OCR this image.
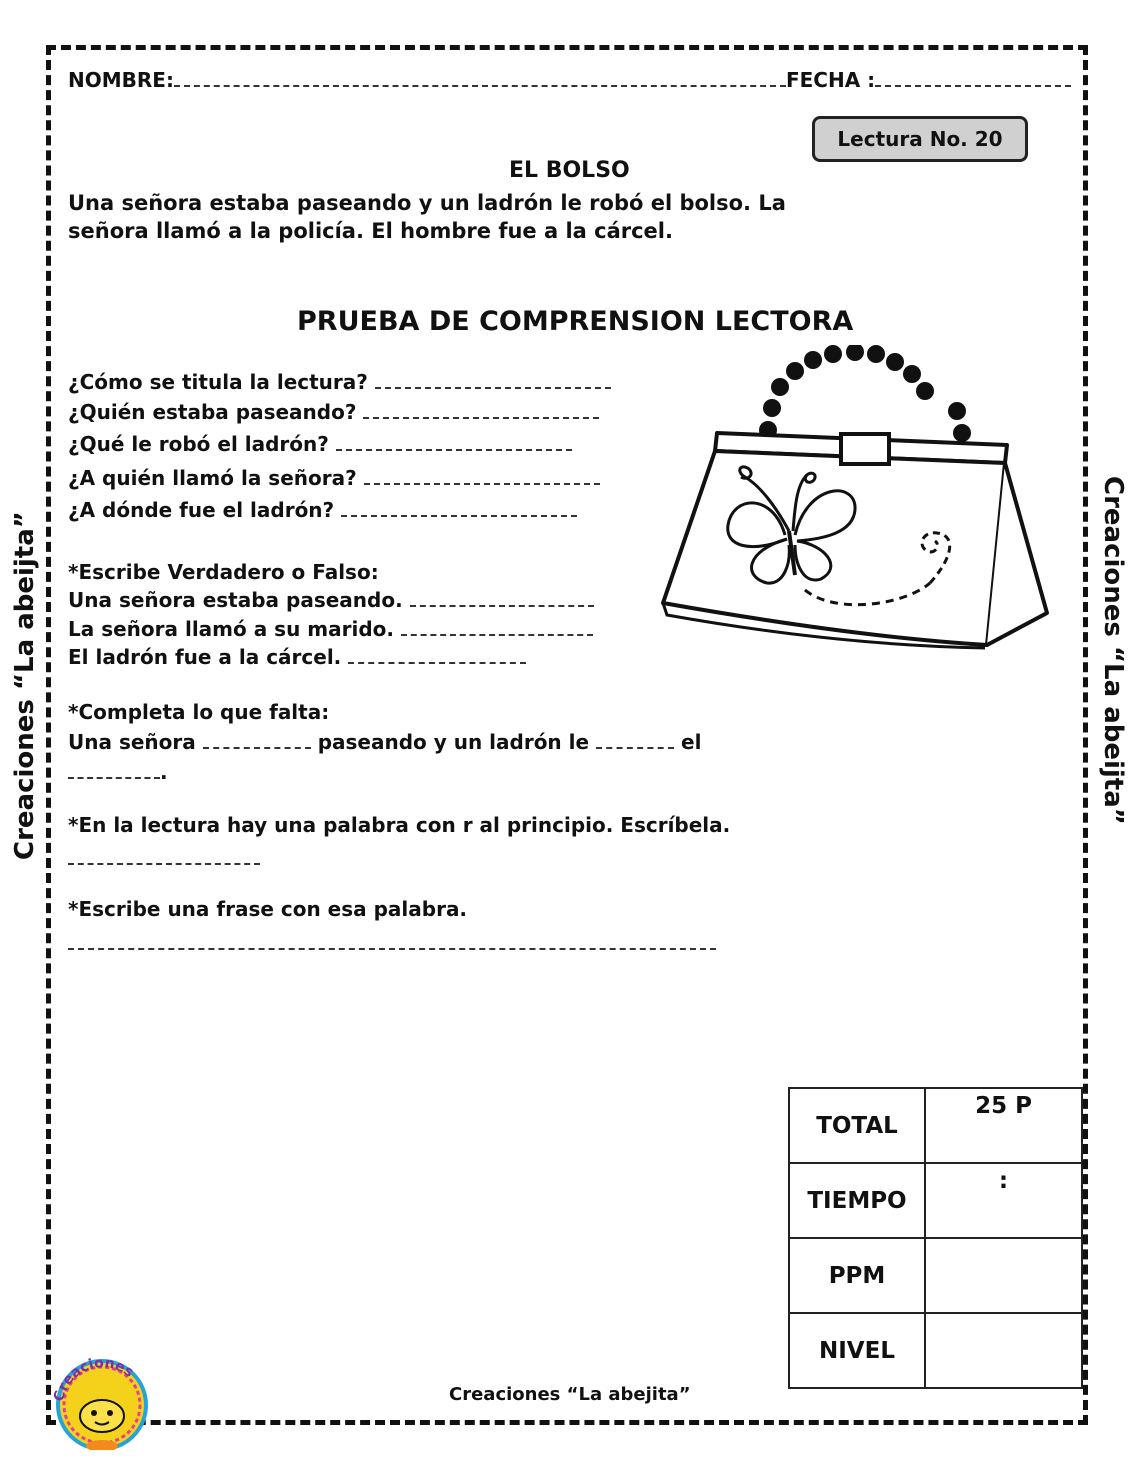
NOMBRE:	FECHA :
Lectura No. 20
EL BOLSO
Una señora estaba paseando y un ladrón le robó el bolso. La
señora llamó a la policía. El hombre fue a la cárcel.
PRUEBA DE COMPRENSION LECTORA
¿Cómo se titula la lectura?
¿Quién estaba paseando?
¿Qué le robó el ladrón?
¿A quién llamó la señora?
¿A dónde fue el ladrón?
*Escribe Verdadero o Falso:
Una señora estaba paseando.
La señora llamó a su marido.
El ladrón fue a la cárcel.
*Completa lo que falta:
Una señora	paseando y un ladrón le	el
.
*En la lectura hay una palabra con r al principio. Escríbela.
*Escribe una frase con esa palabra.
Creaciones “La abeijta”	Creaciones “La abeijta”
TOTAL	25 P
TIEMPO	:
PPM	
NIVEL	
Creaciones
Creaciones “La abejita”
